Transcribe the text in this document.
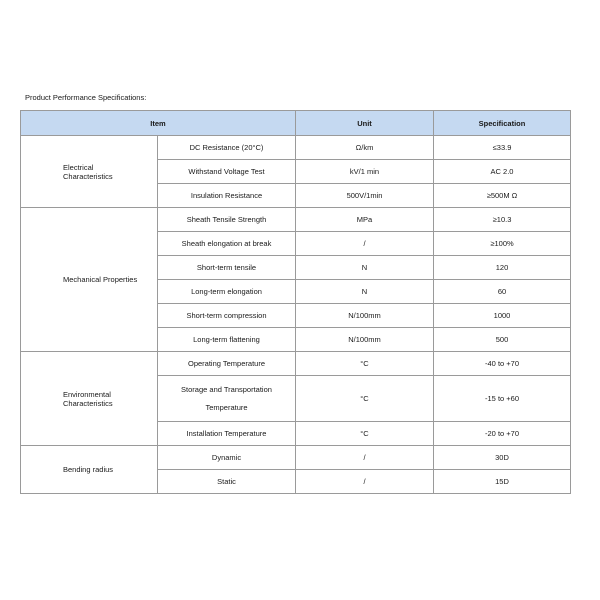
Product Performance Specifications:
Item		Unit	Specification
Electrical
Characteristics	DC Resistance (20°C)	Ω/km	≤33.9
	Withstand Voltage Test	kV/1 min	AC 2.0
	Insulation Resistance	500V/1min	≥500M Ω
Mechanical Properties	Sheath Tensile Strength	MPa	≥10.3
	Sheath elongation at break	/	≥100%
	Short-term tensile	N	120
	Long-term elongation	N	60
	Short-term compression	N/100mm	1000
	Long-term flattening	N/100mm	500
Environmental
Characteristics	Operating Temperature	°C	-40 to +70
	Storage and Transportation

Temperature	°C	-15 to +60
	Installation Temperature	°C	-20 to +70
Bending radius	Dynamic	/	30D
	Static	/	15D
